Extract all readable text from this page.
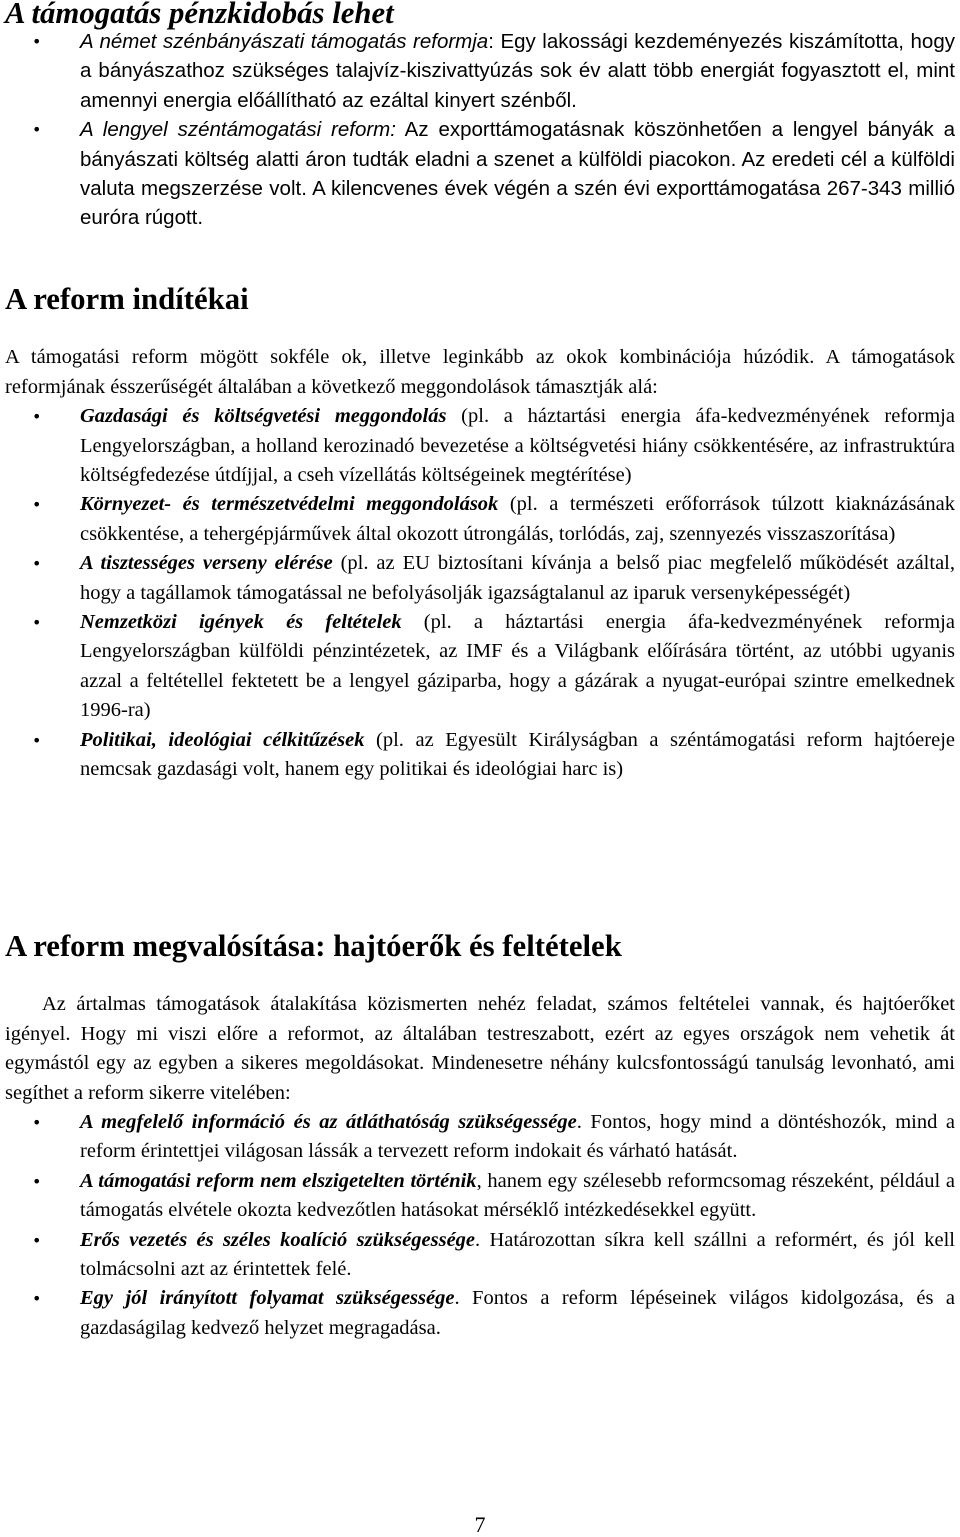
A támogatás pénzkidobás lehet
• A német szénbányászati támogatás reformja: Egy lakossági kezdeményezés kiszámította, hogy a bányászathoz szükséges talajvíz-kiszivattyúzás sok év alatt több energiát fogyasztott el, mint amennyi energia előállítható az ezáltal kinyert szénből.
• A lengyel széntámogatási reform: Az exporttámogatásnak köszönhetően a lengyel bányák a bányászati költség alatti áron tudták eladni a szenet a külföldi piacokon. Az eredeti cél a külföldi valuta megszerzése volt. A kilencvenes évek végén a szén évi exporttámogatása 267-343 millió euróra rúgott.
A reform indítékai

A támogatási reform mögött sokféle ok, illetve leginkább az okok kombinációja húzódik. A támogatások reformjának ésszerűségét általában a következő meggondolások támasztják alá:

• Gazdasági és költségvetési meggondolás (pl. a háztartási energia áfa-kedvezményének reformja Lengyelországban, a holland kerozinadó bevezetése a költségvetési hiány csökkentésére, az infrastruktúra költségfedezése útdíjjal, a cseh vízellátás költségeinek megtérítése)
• Környezet- és természetvédelmi meggondolások (pl. a természeti erőforrások túlzott kiaknázásának csökkentése, a tehergépjárművek által okozott útrongálás, torlódás, zaj, szennyezés visszaszorítása)
• A tisztességes verseny elérése (pl. az EU biztosítani kívánja a belső piac megfelelő működését azáltal, hogy a tagállamok támogatással ne befolyásolják igazságtalanul az iparuk versenyképességét)
• Nemzetközi igények és feltételek (pl. a háztartási energia áfa-kedvezményének reformja Lengyelországban külföldi pénzintézetek, az IMF és a Világbank előírására történt, az utóbbi ugyanis azzal a feltétellel fektetett be a lengyel gáziparba, hogy a gázárak a nyugat-európai szintre emelkednek 1996-ra)
• Politikai, ideológiai célkitűzések (pl. az Egyesült Királyságban a széntámogatási reform hajtóereje nemcsak gazdasági volt, hanem egy politikai és ideológiai harc is)
A reform megvalósítása: hajtóerők és feltételek

Az ártalmas támogatások átalakítása közismerten nehéz feladat, számos feltételei vannak, és hajtóerőket igényel. Hogy mi viszi előre a reformot, az általában testreszabott, ezért az egyes országok nem vehetik át egymástól egy az egyben a sikeres megoldásokat. Mindenesetre néhány kulcsfontosságú tanulság levonható, ami segíthet a reform sikerre vitelében:

• A megfelelő információ és az átláthatóság szükségessége. Fontos, hogy mind a döntéshozók, mind a reform érintettjei világosan lássák a tervezett reform indokait és várható hatását.
• A támogatási reform nem elszigetelten történik, hanem egy szélesebb reformcsomag részeként, például a támogatás elvétele okozta kedvezőtlen hatásokat mérséklő intézkedésekkel együtt.
• Erős vezetés és széles koalíció szükségessége. Határozottan síkra kell szállni a reformért, és jól kell tolmácsolni azt az érintettek felé.
• Egy jól irányított folyamat szükségessége. Fontos a reform lépéseinek világos kidolgozása, és a gazdaságilag kedvező helyzet megragadása.
7
